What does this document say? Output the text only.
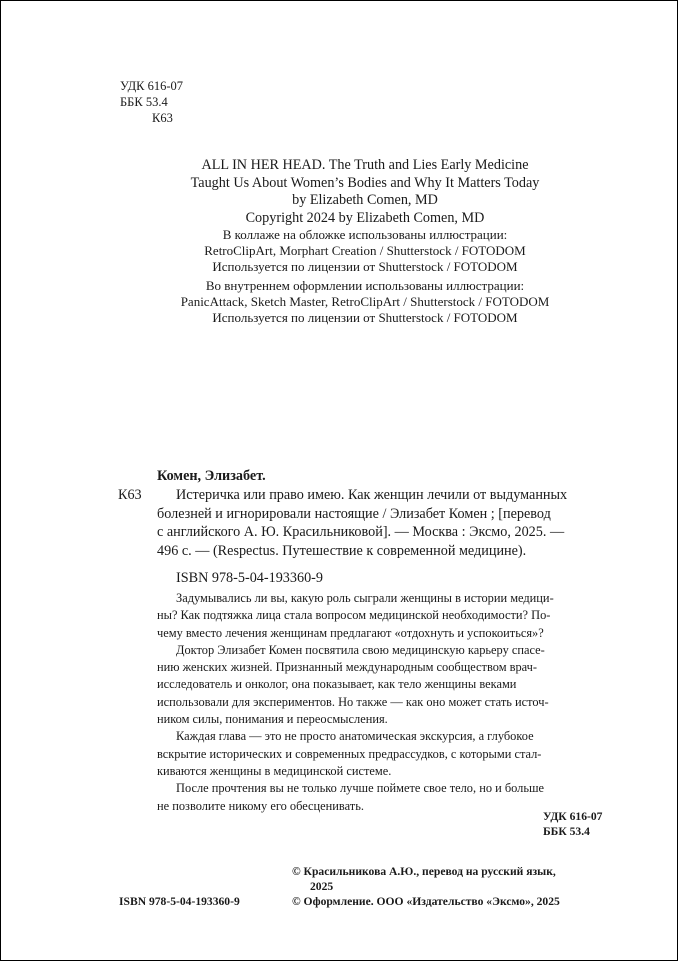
УДК 616-07
ББК 53.4
К63
ALL IN HER HEAD. The Truth and Lies Early Medicine
Taught Us About Women’s Bodies and Why It Matters Today
by Elizabeth Comen, MD
Copyright 2024 by Elizabeth Comen, MD
В коллаже на обложке использованы иллюстрации:
RetroClipArt, Morphart Creation / Shutterstock / FOTODOM
Используется по лицензии от Shutterstock / FOTODOM
Во внутреннем оформлении использованы иллюстрации:
PanicAttack, Sketch Master, RetroClipArt / Shutterstock / FOTODOM
Используется по лицензии от Shutterstock / FOTODOM
Комен, Элизабет.
К63	Истеричка или право имею. Как женщин лечили от выдуманных
болезней и игнорировали настоящие / Элизабет Комен ; [перевод
с английского А. Ю. Красильниковой]. — Москва : Эксмо, 2025. —
496 с. — (Respectus. Путешествие к современной медицине).
ISBN 978-5-04-193360-9
Задумывались ли вы, какую роль сыграли женщины в истории медици-
ны? Как подтяжка лица стала вопросом медицинской необходимости? По-
чему вместо лечения женщинам предлагают «отдохнуть и успокоиться»?
Доктор Элизабет Комен посвятила свою медицинскую карьеру спасе-
нию женских жизней. Признанный международным сообществом врач-
исследователь и онколог, она показывает, как тело женщины веками
использовали для экспериментов. Но также — как оно может стать источ-
ником силы, понимания и переосмысления.
Каждая глава — это не просто анатомическая экскурсия, а глубокое
вскрытие исторических и современных предрассудков, с которыми стал-
киваются женщины в медицинской системе.
После прочтения вы не только лучше поймете свое тело, но и больше
не позволите никому его обесценивать.
УДК 616-07
ББК 53.4
© Красильникова А.Ю., перевод на русский язык,
2025
ISBN 978-5-04-193360-9	© Оформление. ООО «Издательство «Эксмо», 2025
